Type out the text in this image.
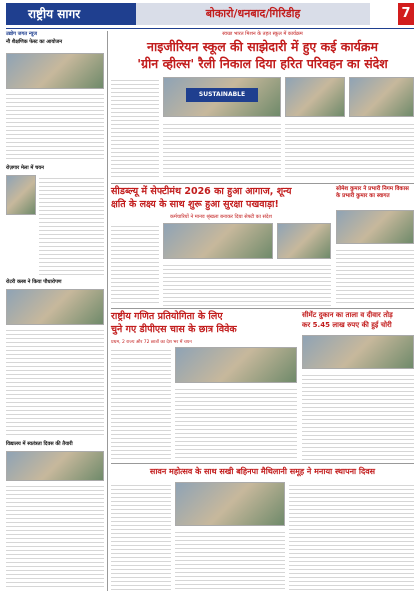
राष्ट्रीय सागर	बोकारो/धनबाद/गिरिडीह	7
उद्योग जगत न्यूज
नौ शैक्षणिक फेस्ट का आयोजन
रोज़गार मेला में चयन
रोटरी क्लब ने किया पौधारोपण
विद्यालय में स्वतंत्रता दिवस की तैयारी
स्वच्छ भारत मिशन के तहत स्कूल में कार्यक्रम
नाइजीरियन स्कूल की साझेदारी में हुए कई कार्यक्रम
'ग्रीन व्हील्स' रैली निकाल दिया हरित परिवहन का संदेश
SUSTAINABLE
सीडब्ल्यू में सेफ्टीमंथ 2026 का हुआ आगाज, शून्य
क्षति के लक्ष्य के साथ शुरू हुआ सुरक्षा पखवाड़ा!
कर्मचारियों ने मानव श्रृंखला बनाकर दिया सेफ्टी का संदेश
सोमेश कुमार ने प्रभारी निगम विकास के प्रभारी कुमार का स्वागत
राष्ट्रीय गणित प्रतियोगिता के लिए
चुने गए डीपीएस चास के छात्र विवेक
प्रथम, 2 राज्य और 72 छात्रों का देश भर में चयन
सीमेंट दुकान का ताला व दीवार तोड़
कर 5.45 लाख रुपए की हुई चोरी
सावन महोत्सव के साथ सखी बहिनपा मैथिलानी समूह ने मनाया स्थापना दिवस
